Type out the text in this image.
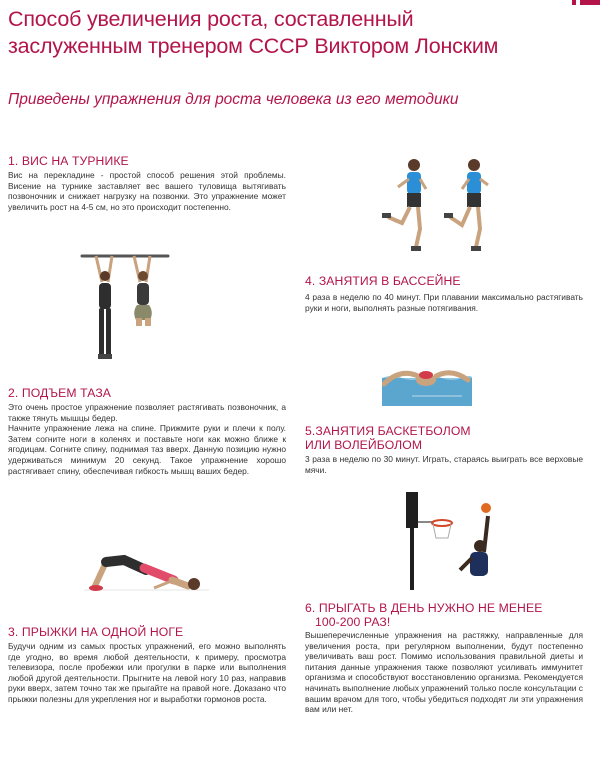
Способ увеличения роста, составленный
заслуженным тренером СССР Виктором Лонским
Приведены упражнения для роста человека из его методики
1. ВИС НА ТУРНИКЕ
Вис на перекладине - простой способ решения этой проблемы. Висение на турнике заставляет вес вашего туловища вытягивать позвоночник и снижает нагрузку на позвонки. Это упражнение может увеличить рост на 4-5 см, но это происходит постепенно.
2. ПОДЪЕМ ТАЗА

Это очень простое упражнение позволяет растягивать позвоночник, а также тянуть мышцы бедер.

Начните упражнение лежа на спине. Прижмите руки и плечи к полу. Затем согните ноги в коленях и поставьте ноги как можно ближе к ягодицам. Согните спину, поднимая таз вверх. Данную позицию нужно удерживаться минимум 20 секунд. Такое упражнение хорошо растягивает спину, обеспечивая гибкость мышц ваших бедер.

3. ПРЫЖКИ НА ОДНОЙ НОГЕ
Будучи одним из самых простых упражнений, его можно выполнять где угодно, во время любой деятельности, к примеру, просмотра телевизора, после пробежки или прогулки в парке или выполнения любой другой деятельности. Прыгните на левой ногу 10 раз, направив руки вверх, затем точно так же прыгайте на правой ноге. Доказано что прыжки полезны для укрепления ног и выработки гормонов роста.
4. ЗАНЯТИЯ В БАССЕЙНЕ
4 раза в неделю по 40 минут. При плавании максимально растягивать руки и ноги, выполнять разные потягивания.
5.ЗАНЯТИЯ БАСКЕТБОЛОМ
ИЛИ ВОЛЕЙБОЛОМ
3 раза в неделю по 30 минут. Играть, стараясь выиграть все верховые мячи.
6. ПРЫГАТЬ В ДЕНЬ НУЖНО НЕ МЕНЕЕ
100-200 РАЗ!
Вышеперечисленные упражнения на растяжку, направленные для увеличения роста, при регулярном выполнении, будут постепенно увеличивать ваш рост. Помимо использования правильной диеты и питания данные упражнения также позволяют усиливать иммунитет организма и способствуют восстановлению организма. Рекомендуется начинать выполнение любых упражнений только после консультации с вашим врачом для того, чтобы убедиться подходят ли эти упражнения вам или нет.
